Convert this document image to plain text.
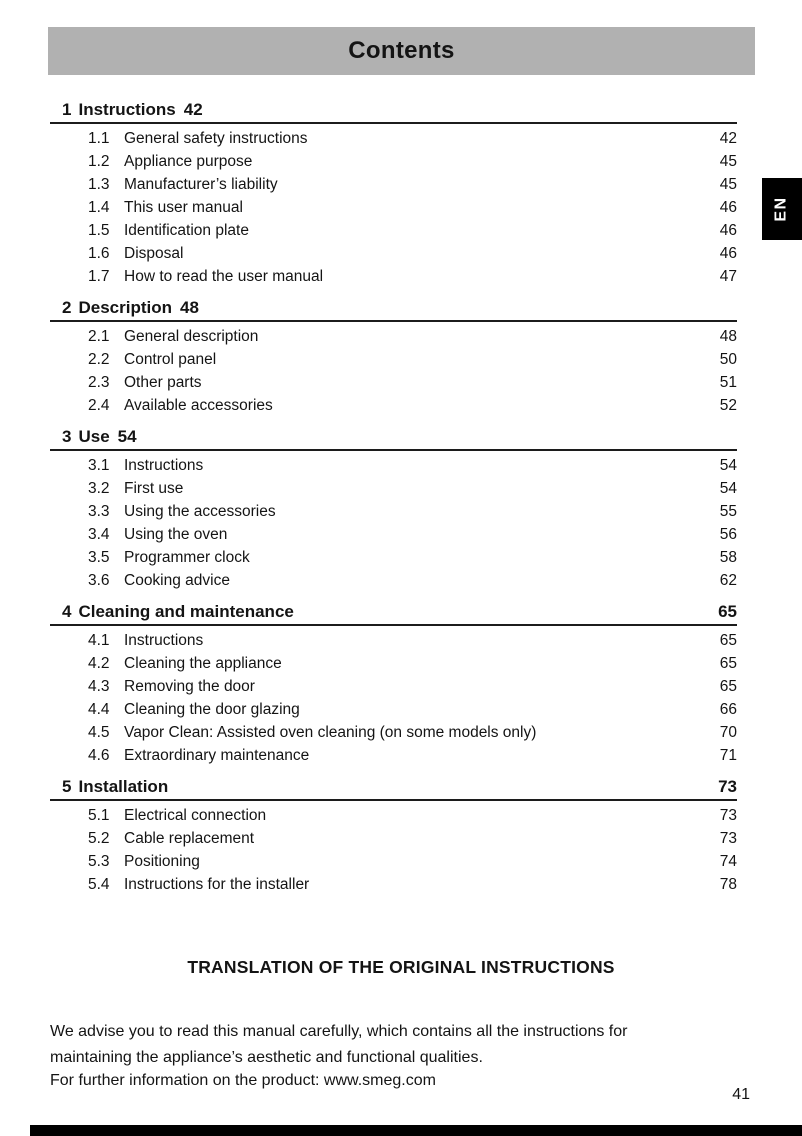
Contents
EN
1 Instructions 42
1.1 General safety instructions	42
1.2 Appliance purpose	45
1.3 Manufacturer’s liability	45
1.4 This user manual	46
1.5 Identification plate	46
1.6 Disposal	46
1.7 How to read the user manual	47
2 Description 48
2.1 General description	48
2.2 Control panel	50
2.3 Other parts	51
2.4 Available accessories	52
3 Use 54
3.1 Instructions	54
3.2 First use	54
3.3 Using the accessories	55
3.4 Using the oven	56
3.5 Programmer clock	58
3.6 Cooking advice	62
4 Cleaning and maintenance	65
4.1 Instructions	65
4.2 Cleaning the appliance	65
4.3 Removing the door	65
4.4 Cleaning the door glazing	66
4.5 Vapor Clean: Assisted oven cleaning (on some models only)	70
4.6 Extraordinary maintenance	71
5 Installation	73
5.1 Electrical connection	73
5.2 Cable replacement	73
5.3 Positioning	74
5.4 Instructions for the installer	78
TRANSLATION OF THE ORIGINAL INSTRUCTIONS

We advise you to read this manual carefully, which contains all the instructions for maintaining the appliance’s aesthetic and functional qualities.

For further information on the product: www.smeg.com

41
